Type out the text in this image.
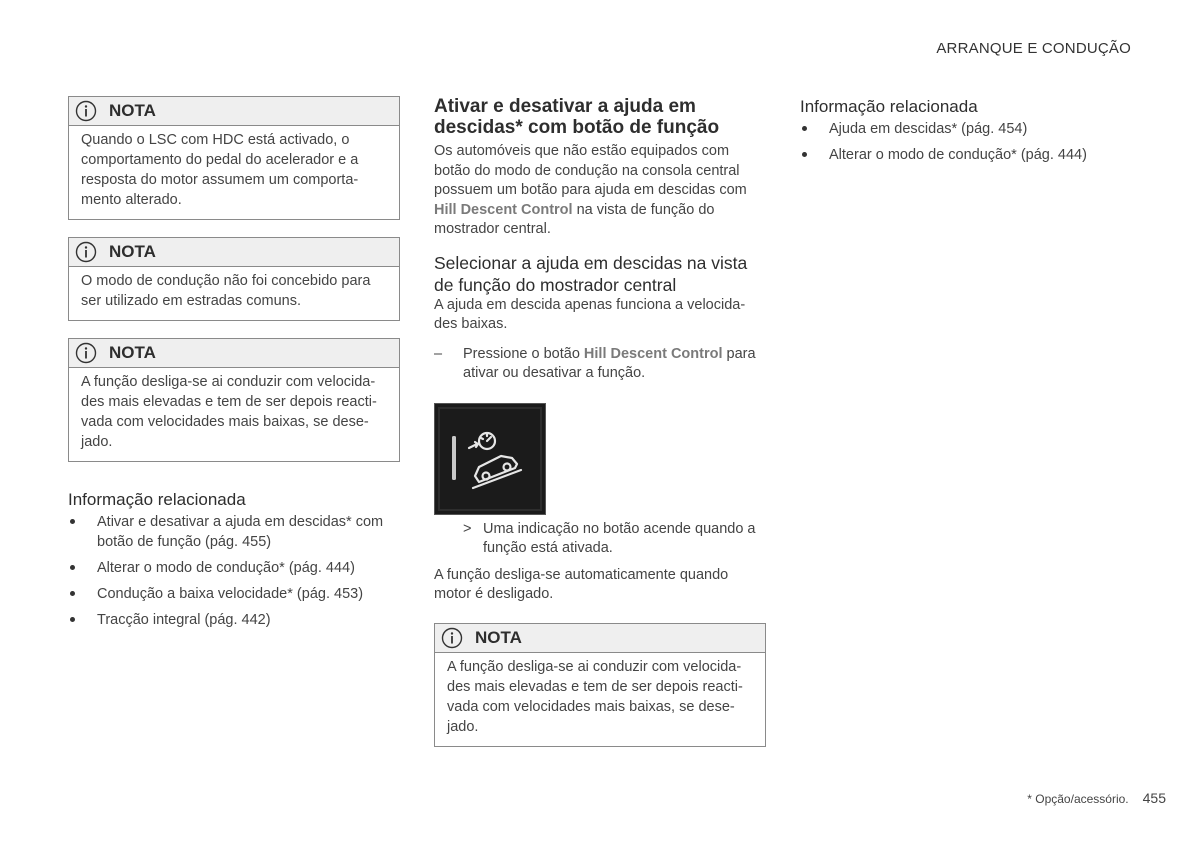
ARRANQUE E CONDUÇÃO
NOTA
Quando o LSC com HDC está activado, o comportamento do pedal do acelerador e a resposta do motor assumem um comporta-mento alterado.
NOTA
O modo de condução não foi concebido para ser utilizado em estradas comuns.
NOTA
A função desliga-se ai conduzir com velocida-des mais elevadas e tem de ser depois reacti-vada com velocidades mais baixas, se dese-jado.
Informação relacionada
Ativar e desativar a ajuda em descidas* com botão de função (pág. 455)
Alterar o modo de condução* (pág. 444)
Condução a baixa velocidade* (pág. 453)
Tracção integral (pág. 442)
Ativar e desativar a ajuda em descidas* com botão de função

Os automóveis que não estão equipados com botão do modo de condução na consola central possuem um botão para ajuda em descidas com Hill Descent Control na vista de função do mostrador central.

Selecionar a ajuda em descidas na vista de função do mostrador central

A ajuda em descida apenas funciona a velocida-des baixas.

– Pressione o botão Hill Descent Control para ativar ou desativar a função.

> Uma indicação no botão acende quando a função está ativada.

A função desliga-se automaticamente quando motor é desligado.

NOTA
A função desliga-se ai conduzir com velocida-des mais elevadas e tem de ser depois reacti-vada com velocidades mais baixas, se dese-jado.
Informação relacionada
Ajuda em descidas* (pág. 454)
Alterar o modo de condução* (pág. 444)
* Opção/acessório. 455
